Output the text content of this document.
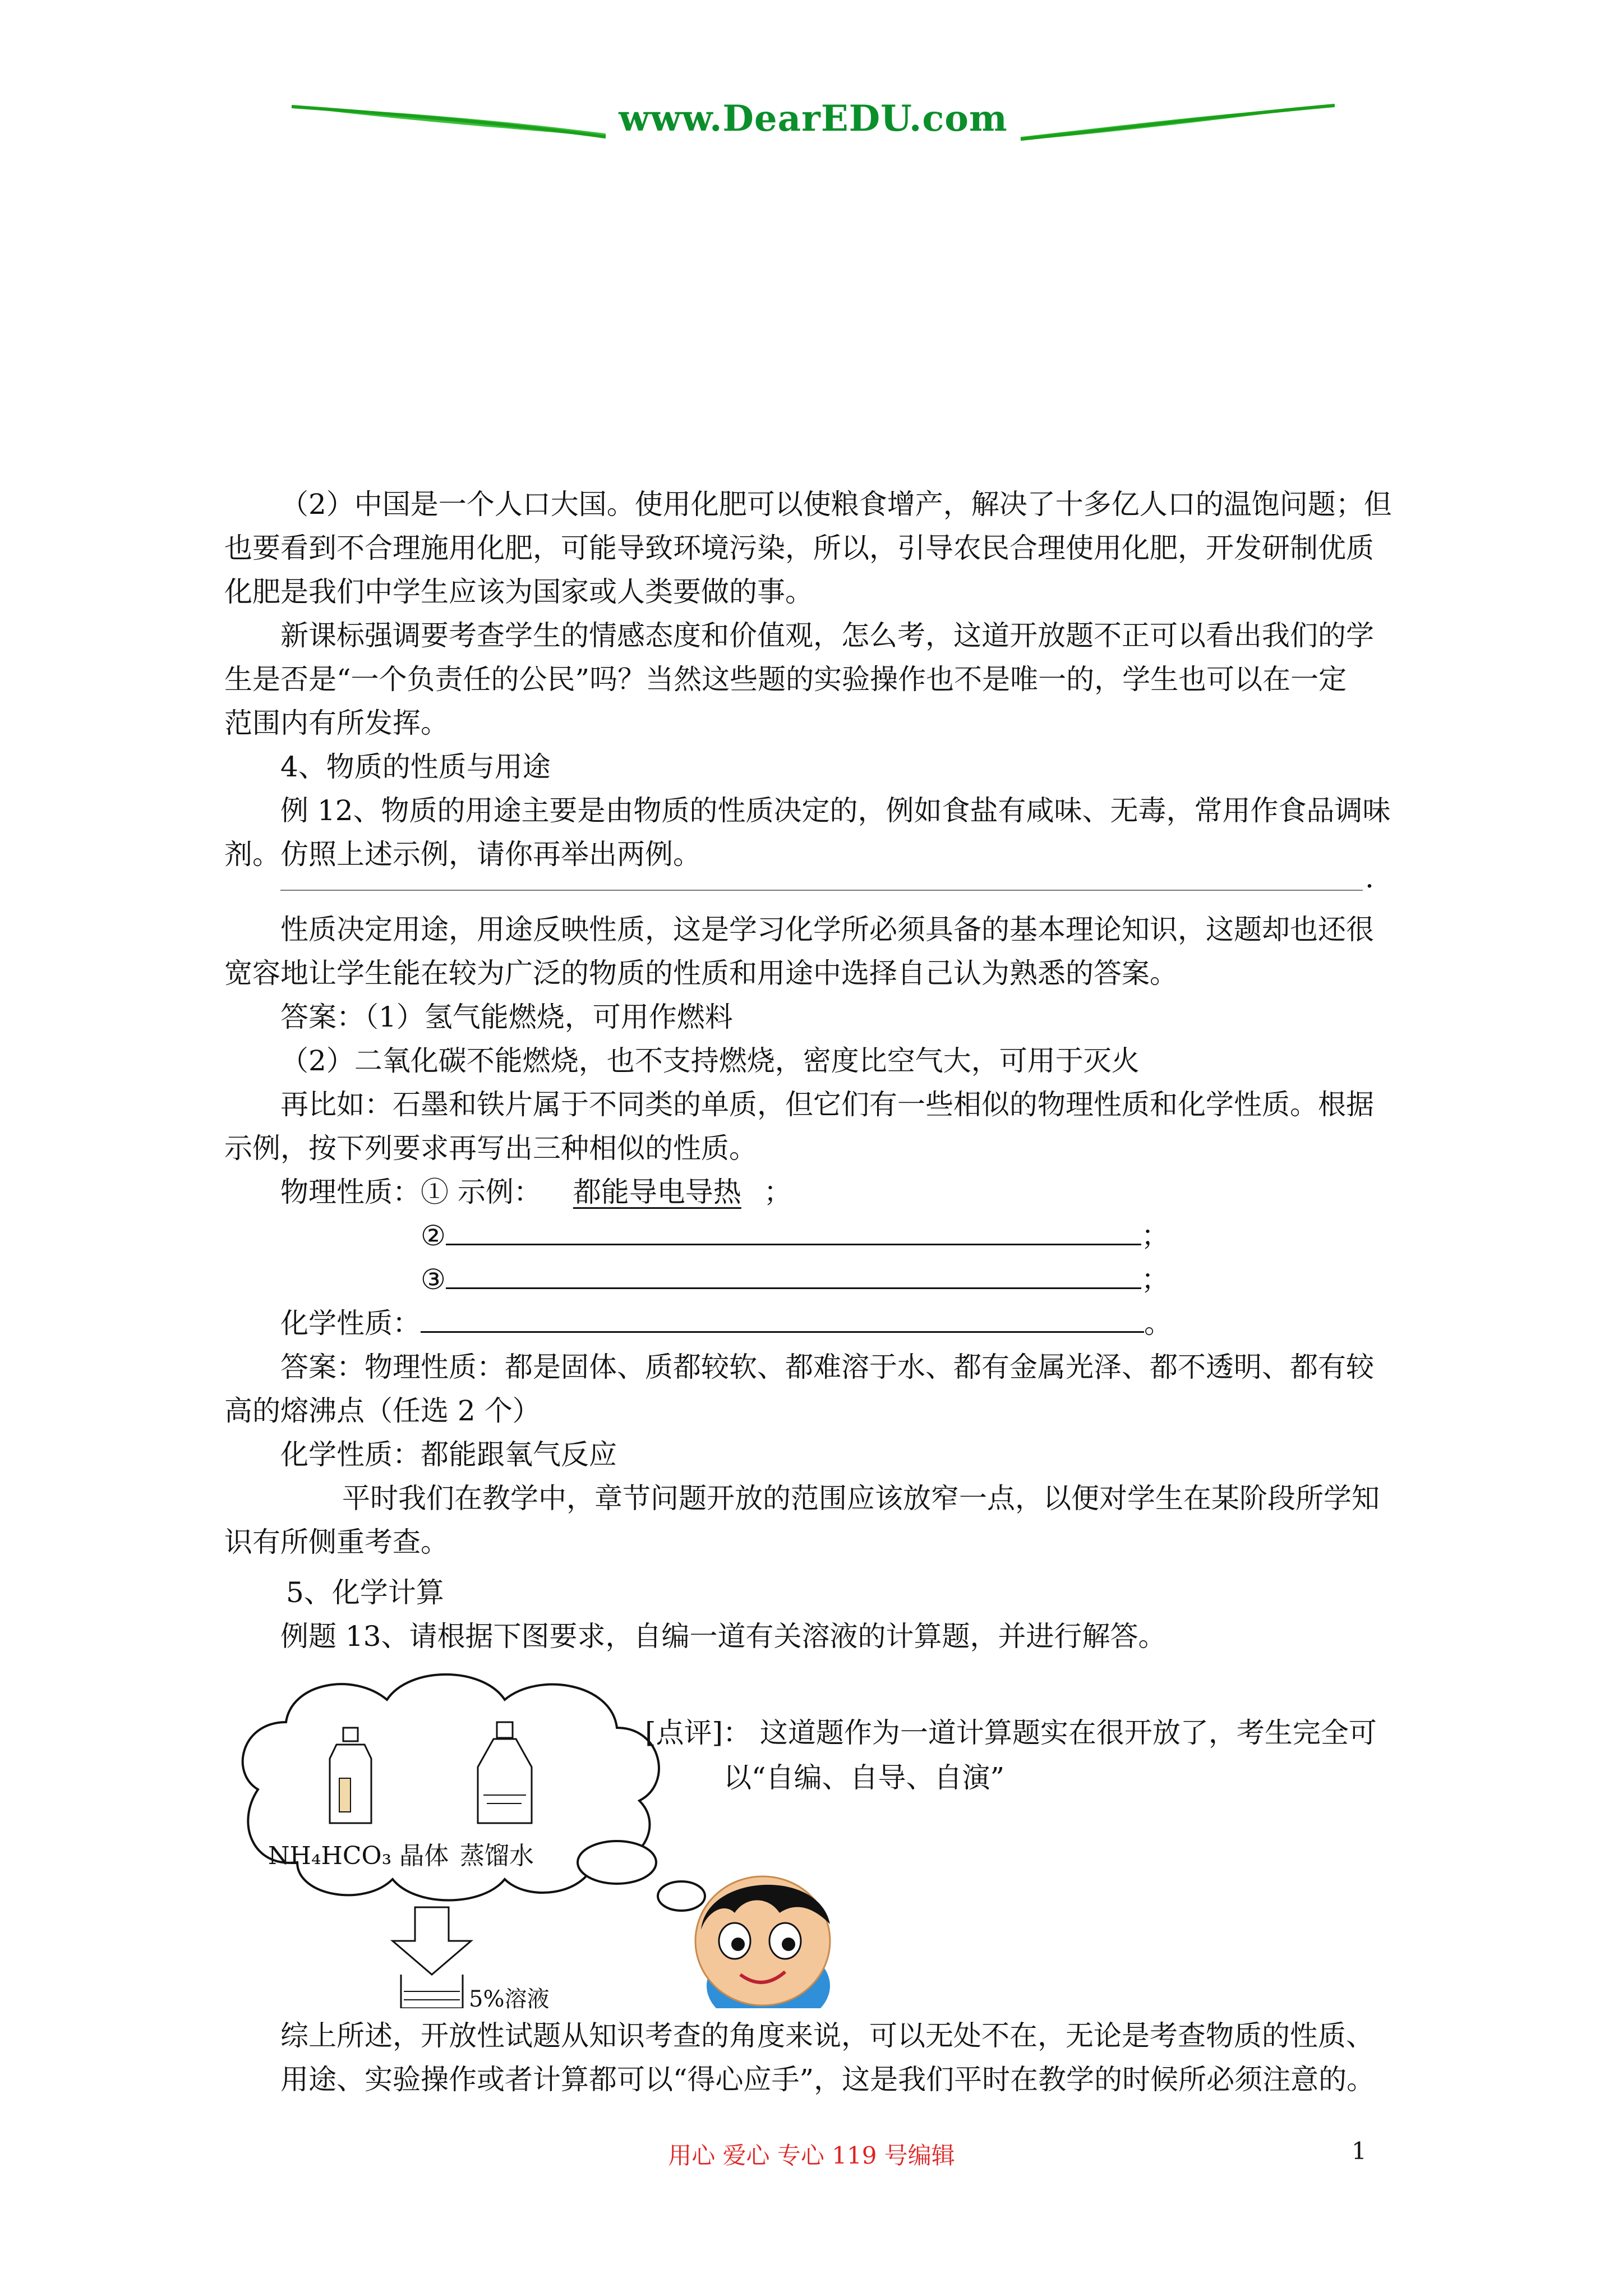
www.DearEDU.com

（2）中国是一个人口大国。使用化肥可以使粮食增产，解决了十多亿人口的温饱问题；但

也要看到不合理施用化肥，可能导致环境污染，所以，引导农民合理使用化肥，开发研制优质

化肥是我们中学生应该为国家或人类要做的事。

新课标强调要考查学生的情感态度和价值观，怎么考，这道开放题不正可以看出我们的学

生是否是“一个负责任的公民”吗？当然这些题的实验操作也不是唯一的，学生也可以在一定

范围内有所发挥。

4、物质的性质与用途

例 12、物质的用途主要是由物质的性质决定的，例如食盐有咸味、无毒，常用作食品调味

剂。仿照上述示例，请你再举出两例。

.

性质决定用途，用途反映性质，这是学习化学所必须具备的基本理论知识，这题却也还很

宽容地让学生能在较为广泛的物质的性质和用途中选择自己认为熟悉的答案。

答案：（1）氢气能燃烧，可用作燃料

（2）二氧化碳不能燃烧，也不支持燃烧，密度比空气大，可用于灭火

再比如：石墨和铁片属于不同类的单质，但它们有一些相似的物理性质和化学性质。根据

示例，按下列要求再写出三种相似的性质。

物理性质：① 示例： 都能导电导热 ；

②	；

③	；

化学性质：	。

答案：物理性质：都是固体、质都较软、都难溶于水、都有金属光泽、都不透明、都有较

高的熔沸点（任选 2 个）

化学性质：都能跟氧气反应

平时我们在教学中，章节问题开放的范围应该放窄一点，以便对学生在某阶段所学知

识有所侧重考查。

5、化学计算

例题 13、请根据下图要求，自编一道有关溶液的计算题，并进行解答。

NH₄HCO₃ 晶体 蒸馏水
5%溶液

[点评]： 这道题作为一道计算题实在很开放了，考生完全可

以“自编、自导、自演”

综上所述，开放性试题从知识考查的角度来说，可以无处不在，无论是考查物质的性质、

用途、实验操作或者计算都可以“得心应手”，这是我们平时在教学的时候所必须注意的。

用心 爱心 专心 119 号编辑	1
